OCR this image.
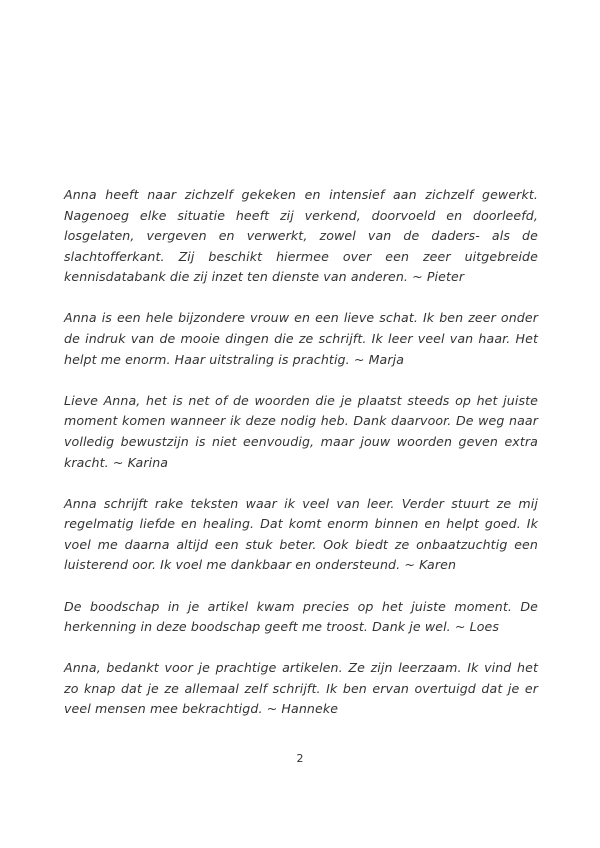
Anna heeft naar zichzelf gekeken en intensief aan zichzelf gewerkt. Nagenoeg elke situatie heeft zij verkend, doorvoeld en doorleefd, losgelaten, vergeven en verwerkt, zowel van de daders- als de slachtofferkant. Zij beschikt hiermee over een zeer uitgebreide kennisdatabank die zij inzet ten dienste van anderen. ~ Pieter

Anna is een hele bijzondere vrouw en een lieve schat. Ik ben zeer onder de indruk van de mooie dingen die ze schrijft. Ik leer veel van haar. Het helpt me enorm. Haar uitstraling is prachtig. ~ Marja

Lieve Anna, het is net of de woorden die je plaatst steeds op het juiste moment komen wanneer ik deze nodig heb. Dank daarvoor. De weg naar volledig bewustzijn is niet eenvoudig, maar jouw woorden geven extra kracht. ~ Karina

Anna schrijft rake teksten waar ik veel van leer. Verder stuurt ze mij regelmatig liefde en healing. Dat komt enorm binnen en helpt goed. Ik voel me daarna altijd een stuk beter. Ook biedt ze onbaatzuchtig een luisterend oor. Ik voel me dankbaar en ondersteund. ~ Karen

De boodschap in je artikel kwam precies op het juiste moment. De herkenning in deze boodschap geeft me troost. Dank je wel. ~ Loes

Anna, bedankt voor je prachtige artikelen. Ze zijn leerzaam. Ik vind het zo knap dat je ze allemaal zelf schrijft. Ik ben ervan overtuigd dat je er veel mensen mee bekrachtigd. ~ Hanneke

2
